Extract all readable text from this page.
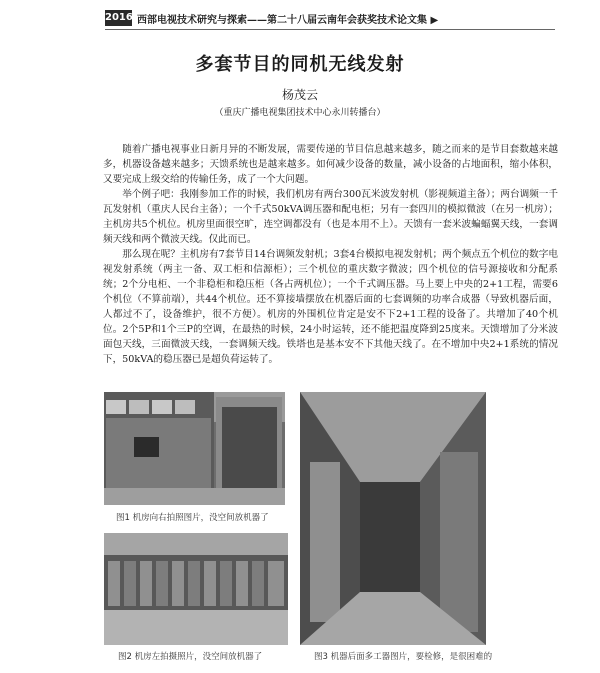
2016 西部电视技术研究与探索——第二十八届云南年会获奖技术论文集 ▶
多套节目的同机无线发射
杨茂云
（重庆广播电视集团技术中心永川转播台）

随着广播电视事业日新月异的不断发展，需要传递的节目信息越来越多，随之而来的是节目套数越来越多，机器设备越来越多；天馈系统也是越来越多。如何减少设备的数量，减小设备的占地面积，缩小体积，又要完成上级交给的传输任务，成了一个大问题。

举个例子吧：我刚参加工作的时候，我们机房有两台300瓦米波发射机（影视频道主备）；两台调频一千瓦发射机（重庆人民台主备）；一个千式50kVA调压器和配电柜；另有一套四川的模拟微波（在另一机房）；主机房共5个机位。机房里面很空旷，连空调都没有（也是本用不上）。天馈有一套米波蝙蝠翼天线，一套调频天线和两个微波天线。仅此而已。

那么现在呢？主机房有7套节目14台调频发射机；3套4台模拟电视发射机；两个频点五个机位的数字电视发射系统（两主一备、双工柜和信源柜）；三个机位的重庆数字微波；四个机位的信号源接收和分配系统；2个分电柜、一个非稳柜和稳压柜（各占两机位）；一个千式调压器。马上要上中央的2+1工程，需要6个机位（不算前端），共44个机位。还不算接墙摆放在机器后面的七套调频的功率合成器（导致机器后面，人都过不了，设备维护，很不方便）。机房的外围机位肯定是安不下2+1工程的设备了。共增加了40个机位。2个5P和1个三P的空调，在最热的时候，24小时运转，还不能把温度降到25度来。天馈增加了分米波面包天线，三面微波天线，一套调频天线。铁塔也是基本安不下其他天线了。在不增加中央2+1系统的情况下，50kVA的稳压器已是超负荷运转了。

图1 机房向右拍照图片，没空间放机器了
图2 机房左拍摄照片，没空间放机器了	图3 机器后面多工器图片，要检修，是很困难的
